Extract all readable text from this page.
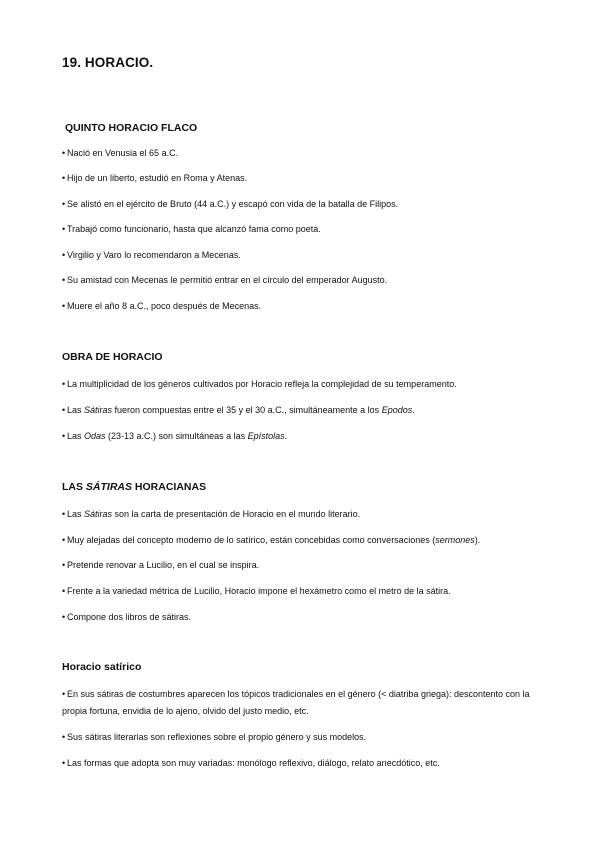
19. HORACIO.
QUINTO HORACIO FLACO
• Nació en Venusia el 65 a.C.
• Hijo de un liberto, estudió en Roma y Atenas.
• Se alistó en el ejército de Bruto (44 a.C.) y escapó con vida de la batalla de Filipos.
• Trabajó como funcionario, hasta que alcanzó fama como poeta.
• Virgilio y Varo lo recomendaron a Mecenas.
• Su amistad con Mecenas le permitió entrar en el círculo del emperador Augusto.
• Muere el año 8 a.C., poco después de Mecenas.
OBRA DE HORACIO
• La multiplicidad de los géneros cultivados por Horacio refleja la complejidad de su temperamento.
• Las Sátiras fueron compuestas entre el 35 y el 30 a.C., simultáneamente a los Epodos.
• Las Odas (23-13 a.C.) son simultáneas a las Epístolas.
LAS SÁTIRAS HORACIANAS
• Las Sátiras son la carta de presentación de Horacio en el mundo literario.
• Muy alejadas del concepto moderno de lo satírico, están concebidas como conversaciones (sermones).
• Pretende renovar a Lucilio, en el cual se inspira.
• Frente a la variedad métrica de Lucilio, Horacio impone el hexámetro como el metro de la sátira.
• Compone dos libros de sátiras.
Horacio satírico
• En sus sátiras de costumbres aparecen los tópicos tradicionales en el género (< diatriba griega): descontento con la propia fortuna, envidia de lo ajeno, olvido del justo medio, etc.
• Sus sátiras literarias son reflexiones sobre el propio género y sus modelos.
• Las formas que adopta son muy variadas: monólogo reflexivo, diálogo, relato anecdótico, etc.
